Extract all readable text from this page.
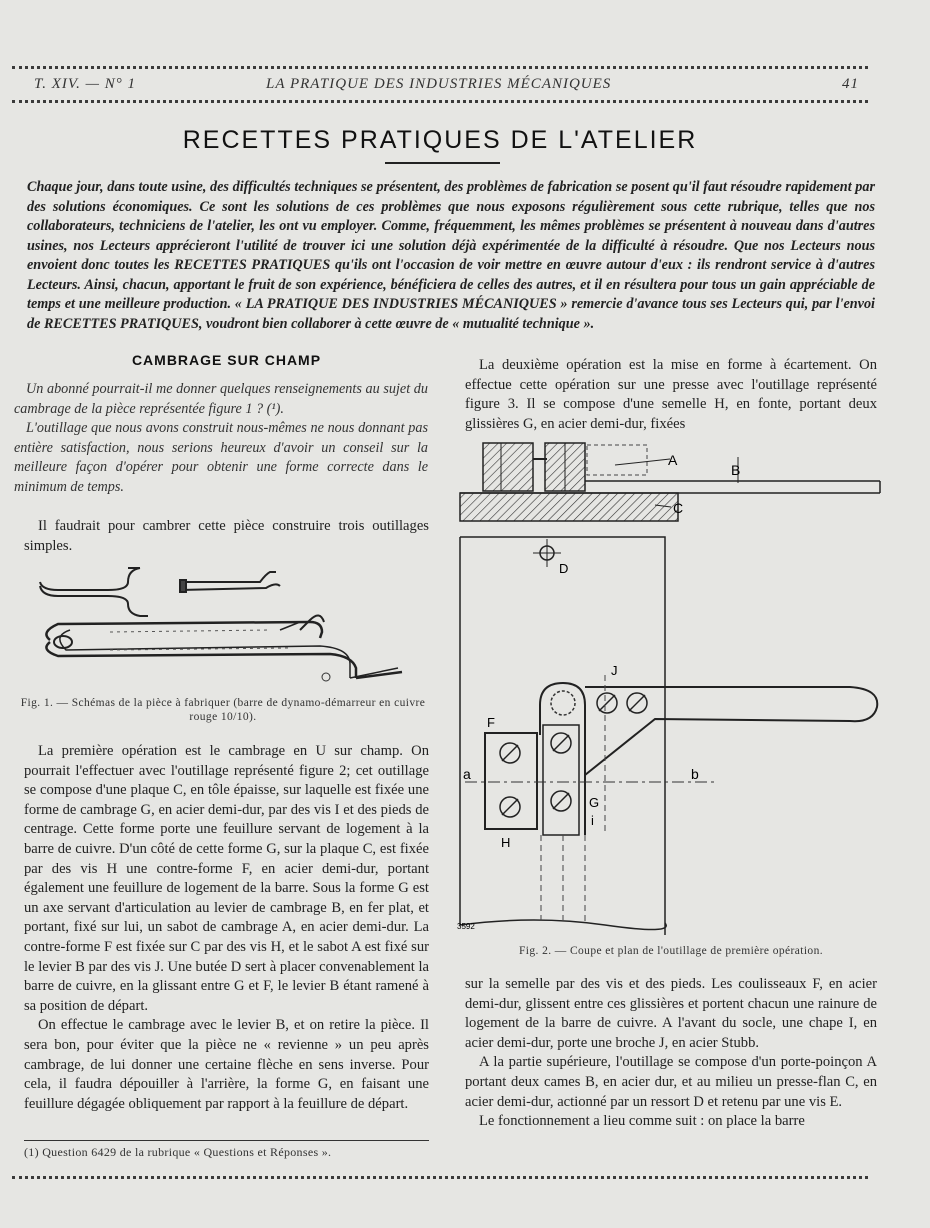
T. XIV. — N° 1	LA PRATIQUE DES INDUSTRIES MÉCANIQUES	41
RECETTES PRATIQUES DE L'ATELIER
Chaque jour, dans toute usine, des difficultés techniques se présentent, des problèmes de fabrication se posent qu'il faut résoudre rapidement par des solutions économiques. Ce sont les solutions de ces problèmes que nous exposons régulièrement sous cette rubrique, telles que nos collaborateurs, techniciens de l'atelier, les ont vu employer. Comme, fréquemment, les mêmes problèmes se présentent à nouveau dans d'autres usines, nos Lecteurs apprécieront l'utilité de trouver ici une solution déjà expérimentée de la difficulté à résoudre. Que nos Lecteurs nous envoient donc toutes les RECETTES PRATIQUES qu'ils ont l'occasion de voir mettre en œuvre autour d'eux : ils rendront service à d'autres Lecteurs. Ainsi, chacun, apportant le fruit de son expérience, bénéficiera de celles des autres, et il en résultera pour tous un gain appréciable de temps et une meilleure production. « LA PRATIQUE DES INDUSTRIES MÉCANIQUES » remercie d'avance tous ses Lecteurs qui, par l'envoi de RECETTES PRATIQUES, voudront bien collaborer à cette œuvre de « mutualité technique ».
CAMBRAGE SUR CHAMP

Un abonné pourrait-il me donner quelques renseignements au sujet du cambrage de la pièce représentée figure 1 ? (¹).

L'outillage que nous avons construit nous-mêmes ne nous donnant pas entière satisfaction, nous serions heureux d'avoir un conseil sur la meilleure façon d'opérer pour obtenir une forme correcte dans le minimum de temps.

Il faudrait pour cambrer cette pièce construire trois outillages simples.

Fig. 1. — Schémas de la pièce à fabriquer (barre de dynamo-démarreur en cuivre rouge 10/10).

La première opération est le cambrage en U sur champ. On pourrait l'effectuer avec l'outillage représenté figure 2; cet outillage se compose d'une plaque C, en tôle épaisse, sur laquelle est fixée une forme de cambrage G, en acier demi-dur, par des vis I et des pieds de centrage. Cette forme porte une feuillure servant de logement à la barre de cuivre. D'un côté de cette forme G, sur la plaque C, est fixée par des vis H une contre-forme F, en acier demi-dur, portant également une feuillure de logement de la barre. Sous la forme G est un axe servant d'articulation au levier de cambrage B, en fer plat, et portant, fixé sur lui, un sabot de cambrage A, en acier demi-dur. La contre-forme F est fixée sur C par des vis H, et le sabot A est fixé sur le levier B par des vis J. Une butée D sert à placer convenablement la barre de cuivre, en la glissant entre G et F, le levier B étant ramené à sa position de départ.

On effectue le cambrage avec le levier B, et on retire la pièce. Il sera bon, pour éviter que la pièce ne « revienne » un peu après cambrage, de lui donner une certaine flèche en sens inverse. Pour cela, il faudra dépouiller à l'arrière, la forme G, en faisant une feuillure dégagée obliquement par rapport à la feuillure de départ.

(1) Question 6429 de la rubrique « Questions et Réponses ».

La deuxième opération est la mise en forme à écartement. On effectue cette opération sur une presse avec l'outillage représenté figure 3. Il se compose d'une semelle H, en fonte, portant deux glissières G, en acier demi-dur, fixées

A
B
C
D
J
F
a	b
G
i
H
3592
Fig. 2. — Coupe et plan de l'outillage de première opération.

sur la semelle par des vis et des pieds. Les coulisseaux F, en acier demi-dur, glissent entre ces glissières et portent chacun une rainure de logement de la barre de cuivre. A l'avant du socle, une chape I, en acier demi-dur, porte une broche J, en acier Stubb.

A la partie supérieure, l'outillage se compose d'un porte-poinçon A portant deux cames B, en acier dur, et au milieu un presse-flan C, en acier demi-dur, actionné par un ressort D et retenu par une vis E.

Le fonctionnement a lieu comme suit : on place la barre
